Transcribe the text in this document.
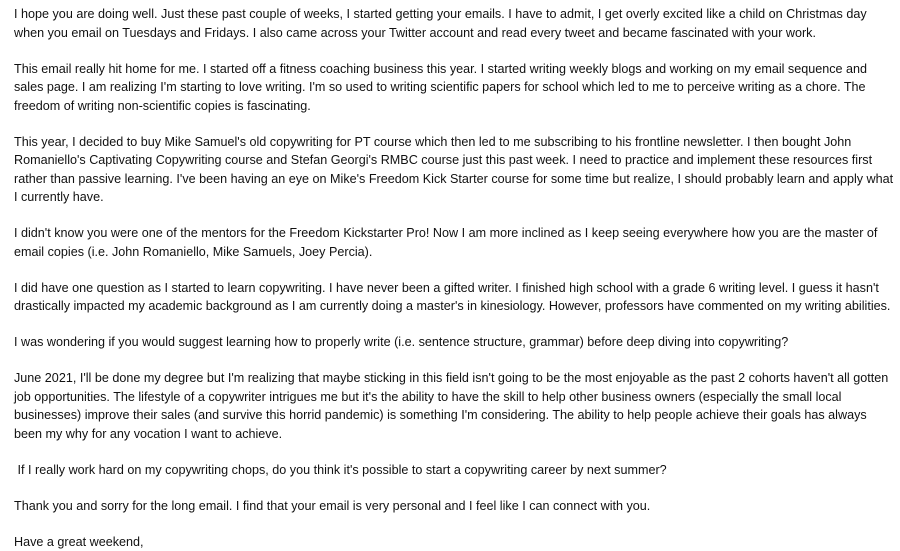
I hope you are doing well. Just these past couple of weeks, I started getting your emails. I have to admit, I get overly excited like a child on Christmas day when you email on Tuesdays and Fridays. I also came across your Twitter account and read every tweet and became fascinated with your work.

This email really hit home for me. I started off a fitness coaching business this year. I started writing weekly blogs and working on my email sequence and sales page. I am realizing I'm starting to love writing. I'm so used to writing scientific papers for school which led to me to perceive writing as a chore. The freedom of writing non-scientific copies is fascinating.

This year, I decided to buy Mike Samuel's old copywriting for PT course which then led to me subscribing to his frontline newsletter. I then bought John Romaniello's Captivating Copywriting course and Stefan Georgi's RMBC course just this past week. I need to practice and implement these resources first rather than passive learning. I've been having an eye on Mike's Freedom Kick Starter course for some time but realize, I should probably learn and apply what I currently have.

I didn't know you were one of the mentors for the Freedom Kickstarter Pro! Now I am more inclined as I keep seeing everywhere how you are the master of email copies (i.e. John Romaniello, Mike Samuels, Joey Percia).

I did have one question as I started to learn copywriting. I have never been a gifted writer. I finished high school with a grade 6 writing level. I guess it hasn't drastically impacted my academic background as I am currently doing a master's in kinesiology. However, professors have commented on my writing abilities.

I was wondering if you would suggest learning how to properly write (i.e. sentence structure, grammar) before deep diving into copywriting?

June 2021, I'll be done my degree but I'm realizing that maybe sticking in this field isn't going to be the most enjoyable as the past 2 cohorts haven't all gotten job opportunities. The lifestyle of a copywriter intrigues me but it's the ability to have the skill to help other business owners (especially the small local businesses) improve their sales (and survive this horrid pandemic) is something I'm considering. The ability to help people achieve their goals has always been my why for any vocation I want to achieve.

If I really work hard on my copywriting chops, do you think it's possible to start a copywriting career by next summer?

Thank you and sorry for the long email. I find that your email is very personal and I feel like I can connect with you.

Have a great weekend,
